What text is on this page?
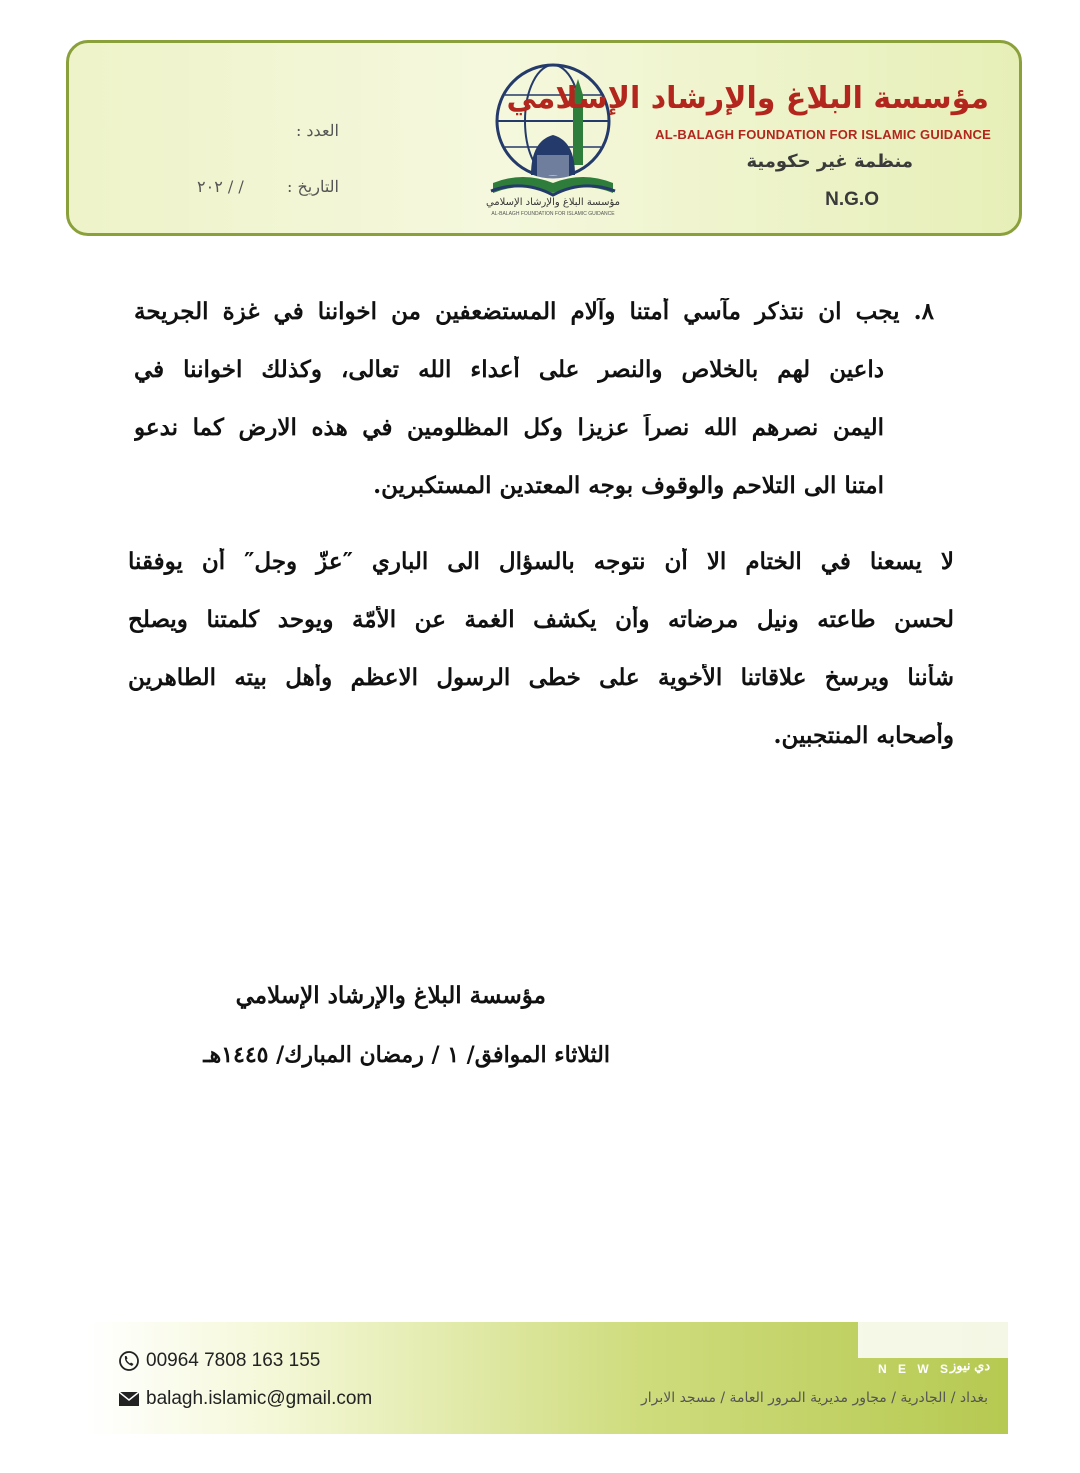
مؤسسة البلاغ والإرشاد الإسلامي
AL-BALAGH FOUNDATION FOR ISLAMIC GUIDANCE
مؤسسة البلاغ والإرشاد الإسلامي
AL-BALAGH FOUNDATION FOR ISLAMIC GUIDANCE
منظمة غير حكومية
N.G.O
العدد :
التاريخ :
/ / ٢٠٢
٨. يجب ان نتذكر مآسي أمتنا وآلام المستضعفين من اخواننا في غزة الجريحة
داعين لهم بالخلاص والنصر على أعداء الله تعالى، وكذلك اخواننا في
اليمن نصرهم الله نصراً عزيزا وكل المظلومين في هذه الارض كما ندعو
امتنا الى التلاحم والوقوف بوجه المعتدين المستكبرين.
لا يسعنا في الختام الا أن نتوجه بالسؤال الى الباري ″عزّ وجل″ أن يوفقنا
لحسن طاعته ونيل مرضاته وأن يكشف الغمة عن الأمّة ويوحد كلمتنا ويصلح
شأننا ويرسخ علاقاتنا الأخوية على خطى الرسول الاعظم وأهل بيته الطاهرين
وأصحابه المنتجبين.
مؤسسة البلاغ والإرشاد الإسلامي
الثلاثاء الموافق/ ١ / رمضان المبارك/ ١٤٤٥هـ
00964 7808 163 155
balagh.islamic@gmail.com	بغداد / الجادرية / مجاور مديرية المرور العامة / مسجد الابرار
N E W S
دي نيوز
